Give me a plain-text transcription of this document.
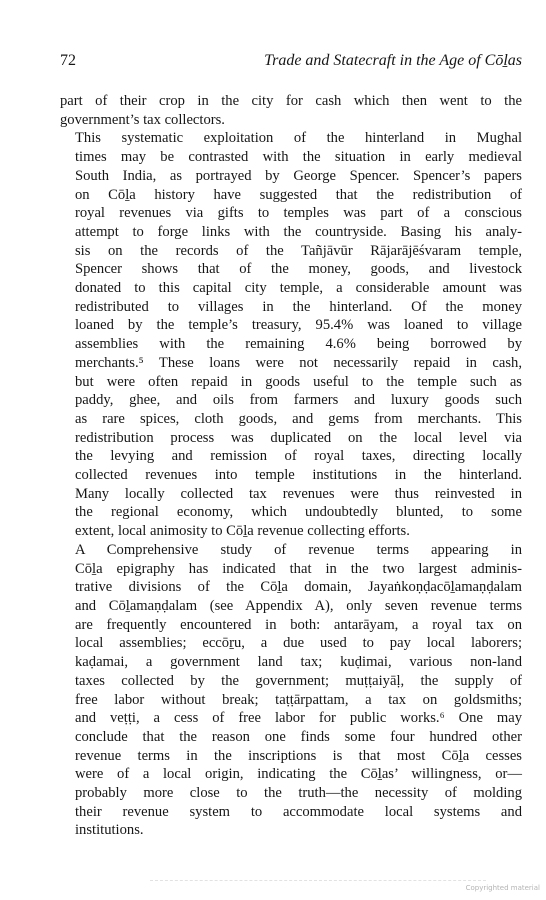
72	Trade and Statecraft in the Age of Cōḻas

part of their crop in the city for cash which then went to the
government’s tax collectors.

This systematic exploitation of the hinterland in Mughal
times may be contrasted with the situation in early medieval
South India, as portrayed by George Spencer. Spencer’s papers
on Cōḻa history have suggested that the redistribution of
royal revenues via gifts to temples was part of a conscious
attempt to forge links with the countryside. Basing his analy-
sis on the records of the Tañjāvūr Rājarājēśvaram temple,
Spencer shows that of the money, goods, and livestock
donated to this capital city temple, a considerable amount was
redistributed to villages in the hinterland. Of the money
loaned by the temple’s treasury, 95.4% was loaned to village
assemblies with the remaining 4.6% being borrowed by
merchants.⁵ These loans were not necessarily repaid in cash,
but were often repaid in goods useful to the temple such as
paddy, ghee, and oils from farmers and luxury goods such
as rare spices, cloth goods, and gems from merchants. This
redistribution process was duplicated on the local level via
the levying and remission of royal taxes, directing locally
collected revenues into temple institutions in the hinterland.
Many locally collected tax revenues were thus reinvested in
the regional economy, which undoubtedly blunted, to some
extent, local animosity to Cōḻa revenue collecting efforts.

A Comprehensive study of revenue terms appearing in
Cōḻa epigraphy has indicated that in the two largest adminis-
trative divisions of the Cōḻa domain, Jayaṅkoṇḍacōḻamaṇḍalam
and Cōḻamaṇḍalam (see Appendix A), only seven revenue terms
are frequently encountered in both: antarāyam, a royal tax on
local assemblies; eccōṟu, a due used to pay local laborers;
kaḍamai, a government land tax; kuḍimai, various non-land
taxes collected by the government; muṭṭaiyāḷ, the supply of
free labor without break; taṭṭārpattam, a tax on goldsmiths;
and veṭṭi, a cess of free labor for public works.⁶ One may
conclude that the reason one finds some four hundred other
revenue terms in the inscriptions is that most Cōḻa cesses
were of a local origin, indicating the Cōḻas’ willingness, or—
probably more close to the truth—the necessity of molding
their revenue system to accommodate local systems and
institutions.

Copyrighted material
